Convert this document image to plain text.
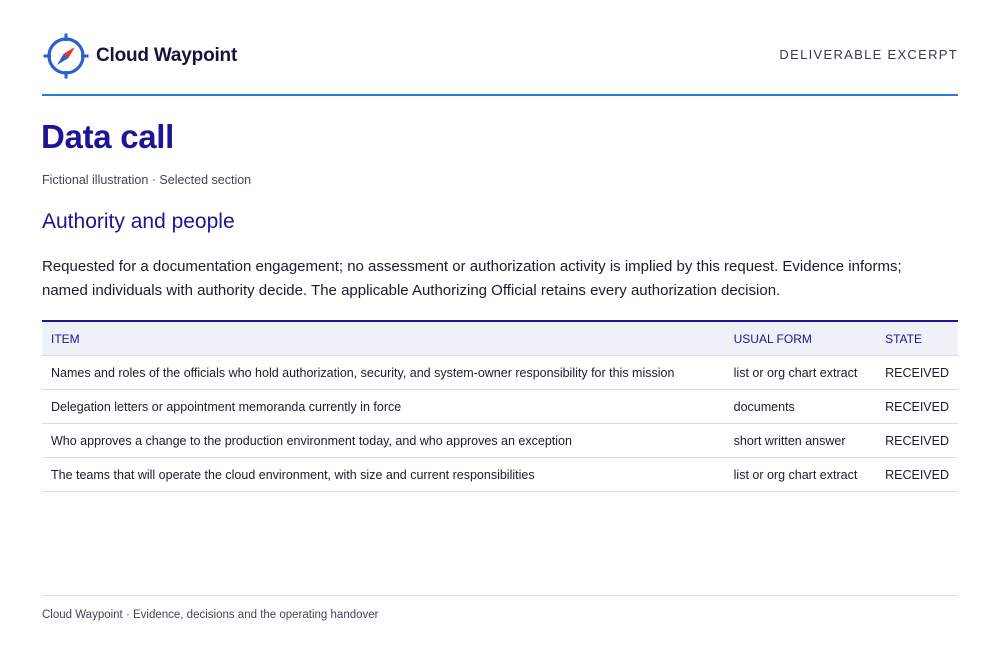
Cloud Waypoint	DELIVERABLE EXCERPT
Data call
Fictional illustration · Selected section
Authority and people

Requested for a documentation engagement; no assessment or authorization activity is implied by this request. Evidence informs; named individuals with authority decide. The applicable Authorizing Official retains every authorization decision.

ITEM	USUAL FORM	STATE
Names and roles of the officials who hold authorization, security, and system-owner responsibility for this mission	list or org chart extract	RECEIVED
Delegation letters or appointment memoranda currently in force	documents	RECEIVED
Who approves a change to the production environment today, and who approves an exception	short written answer	RECEIVED
The teams that will operate the cloud environment, with size and current responsibilities	list or org chart extract	RECEIVED
Cloud Waypoint · Evidence, decisions and the operating handover
